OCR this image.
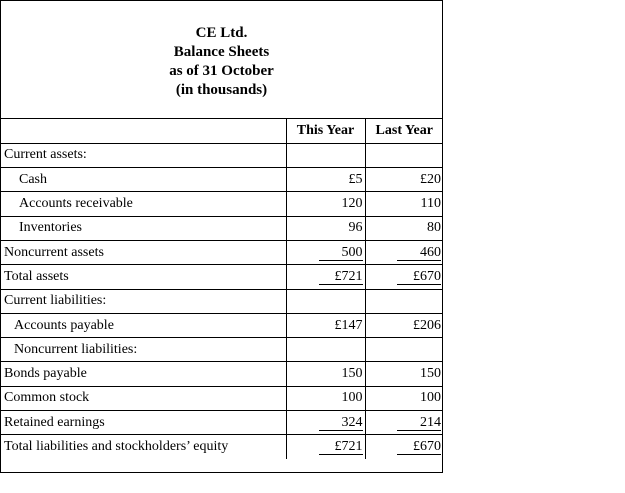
CE Ltd.
Balance Sheets
as of 31 October
(in thousands)
	This Year	Last Year
Current assets:		
Cash	£5	£20
Accounts receivable	120	110
Inventories	96	80
Noncurrent assets	500	460
Total assets	£721	£670
Current liabilities:		
Accounts payable	£147	£206
Noncurrent liabilities:		
Bonds payable	150	150
Common stock	100	100
Retained earnings	324	214
Total liabilities and stockholders’ equity	£721	£670
